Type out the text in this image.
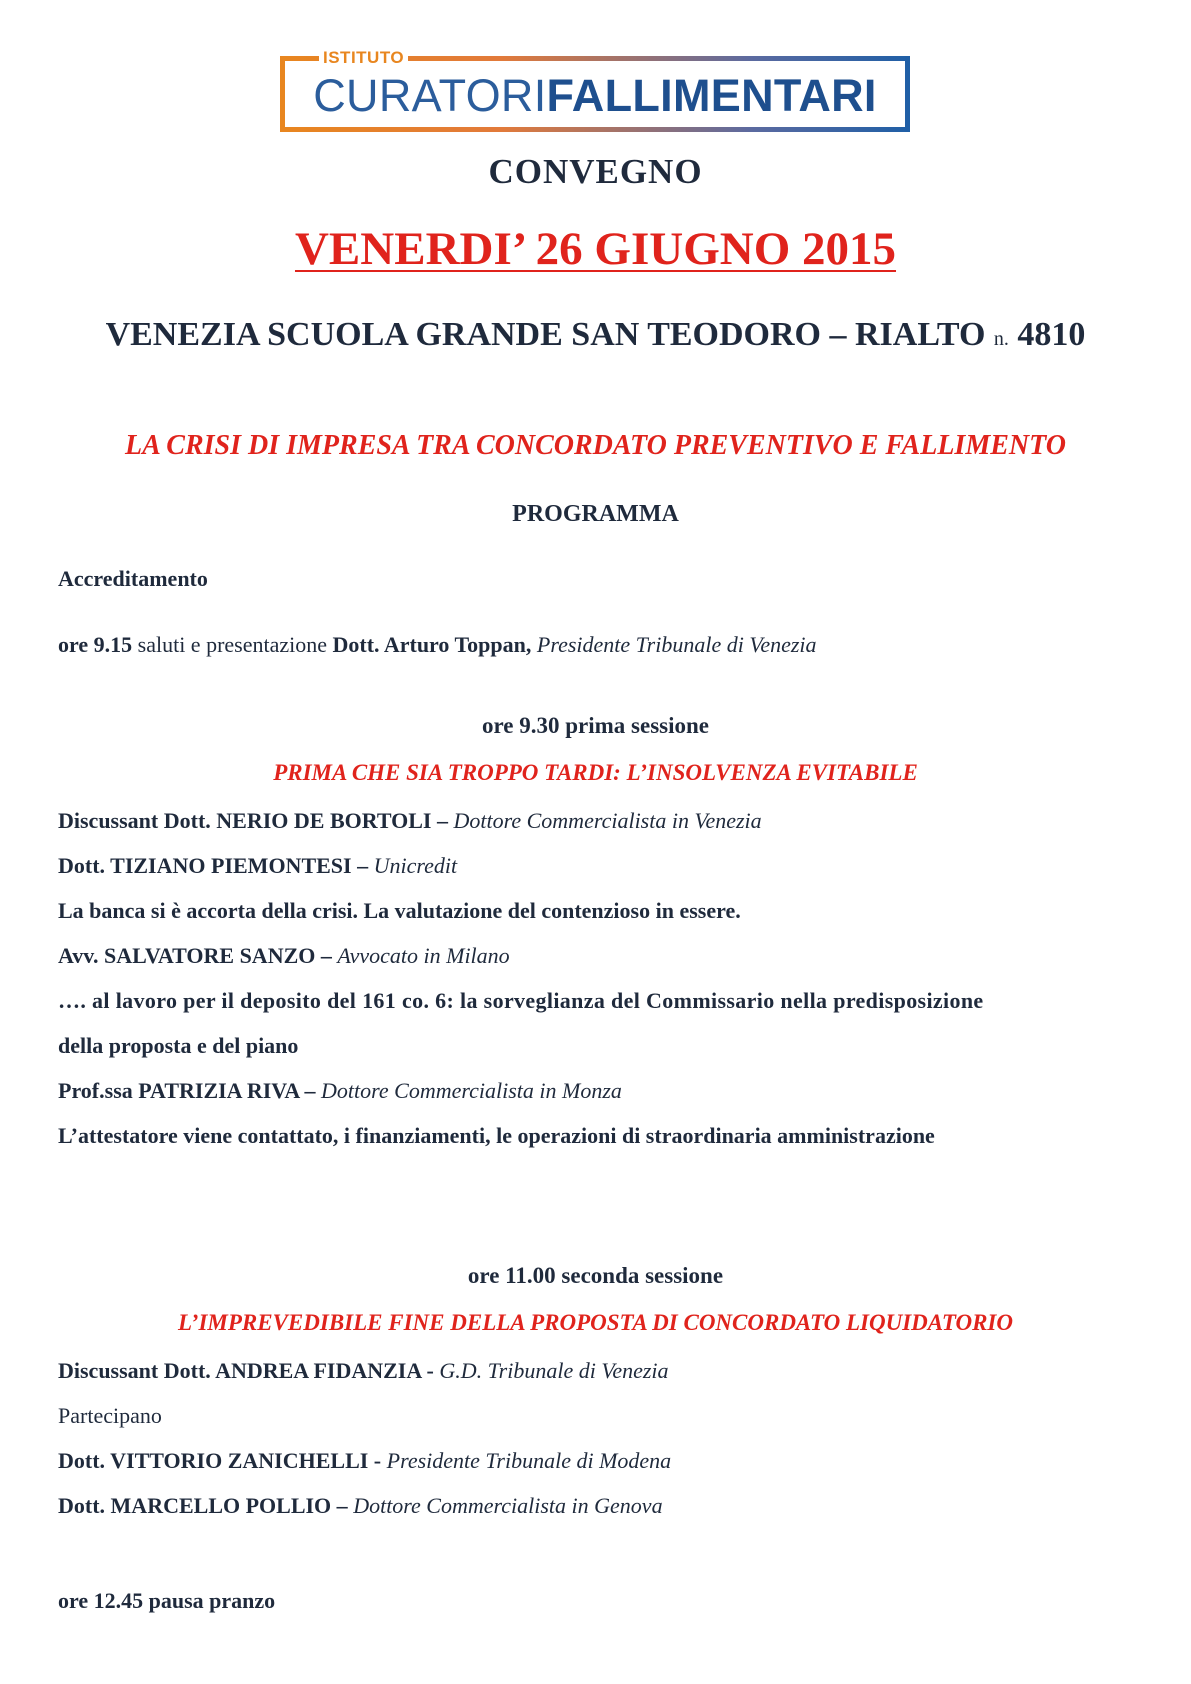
ISTITUTO
CURATORIFALLIMENTARI
CONVEGNO
VENERDI’ 26 GIUGNO 2015
VENEZIA SCUOLA GRANDE SAN TEODORO – RIALTO n. 4810
LA CRISI DI IMPRESA TRA CONCORDATO PREVENTIVO E FALLIMENTO
PROGRAMMA
Accreditamento
ore 9.15 saluti e presentazione Dott. Arturo Toppan, Presidente Tribunale di Venezia
ore 9.30 prima sessione
PRIMA CHE SIA TROPPO TARDI: L’INSOLVENZA EVITABILE
Discussant Dott. NERIO DE BORTOLI – Dottore Commercialista in Venezia
Dott. TIZIANO PIEMONTESI – Unicredit
La banca si è accorta della crisi. La valutazione del contenzioso in essere.
Avv. SALVATORE SANZO – Avvocato in Milano
…. al lavoro per il deposito del 161 co. 6: la sorveglianza del Commissario nella predisposizione
della proposta e del piano
Prof.ssa PATRIZIA RIVA – Dottore Commercialista in Monza
L’attestatore viene contattato, i finanziamenti, le operazioni di straordinaria amministrazione
ore 11.00 seconda sessione
L’IMPREVEDIBILE FINE DELLA PROPOSTA DI CONCORDATO LIQUIDATORIO
Discussant Dott. ANDREA FIDANZIA - G.D. Tribunale di Venezia
Partecipano
Dott. VITTORIO ZANICHELLI - Presidente Tribunale di Modena
Dott. MARCELLO POLLIO – Dottore Commercialista in Genova
ore 12.45 pausa pranzo
